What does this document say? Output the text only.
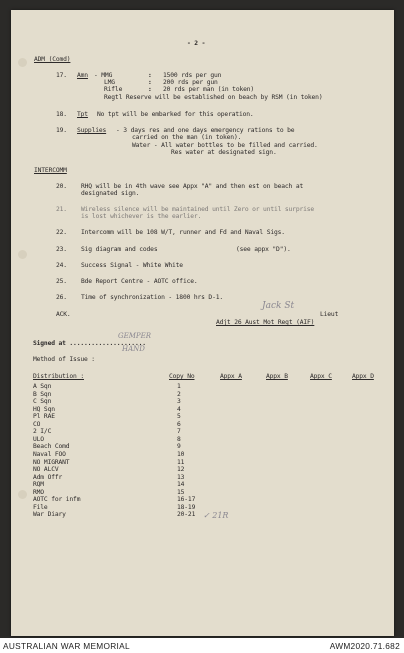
- 2 -
ADM (Comd)
17. Amn - MMG	: 1500 rds per gun
LMG	: 200 rds per gun
Rifle	: 20 rds per man (in token)
Regtl Reserve will be established on beach by RSM (in token)
18. Tpt No tpt will be embarked for this operation.
19. Supplies - 3 days res and one days emergency rations to be
carried on the man (in token).
Water - All water bottles to be filled and carried.
Res water at designated sign.
INTERCOMM
20. RHQ will be in 4th wave see Appx "A" and then est on beach at
designated sign.
21. Wireless silence will be maintained until Zero or until surprise
is lost whichever is the earlier.
22. Intercomm will be 108 W/T, runner and Fd and Naval Sigs.
23. Sig diagram and codes	(see appx "D").
24. Success Signal - White White
25. Bde Report Centre - AOTC office.
26. Time of synchronization - 1800 hrs D-1.
ACK.
Jack St
Lieut
Adjt 26 Aust Mot Regt (AIF)
Signed at .....................
GEMPER
HAND
Method of Issue :
Distribution :	Copy No	Appx A	Appx B	Appx C	Appx D
A Sqn	1
B Sqn	2
C Sqn	3
HQ Sqn	4
Pl RAE	5
CO	6
2 I/C	7
ULO	8
Beach Comd	9
Naval FOO	10
NO MIGRANT	11
NO ALCV	12
Adm Offr	13
RQM	14
RMO	15
AOTC for infm	16-17
File	18-19
War Diary	20-21 ✓ 21R
AUSTRALIAN WAR MEMORIAL	AWM2020.71.682
